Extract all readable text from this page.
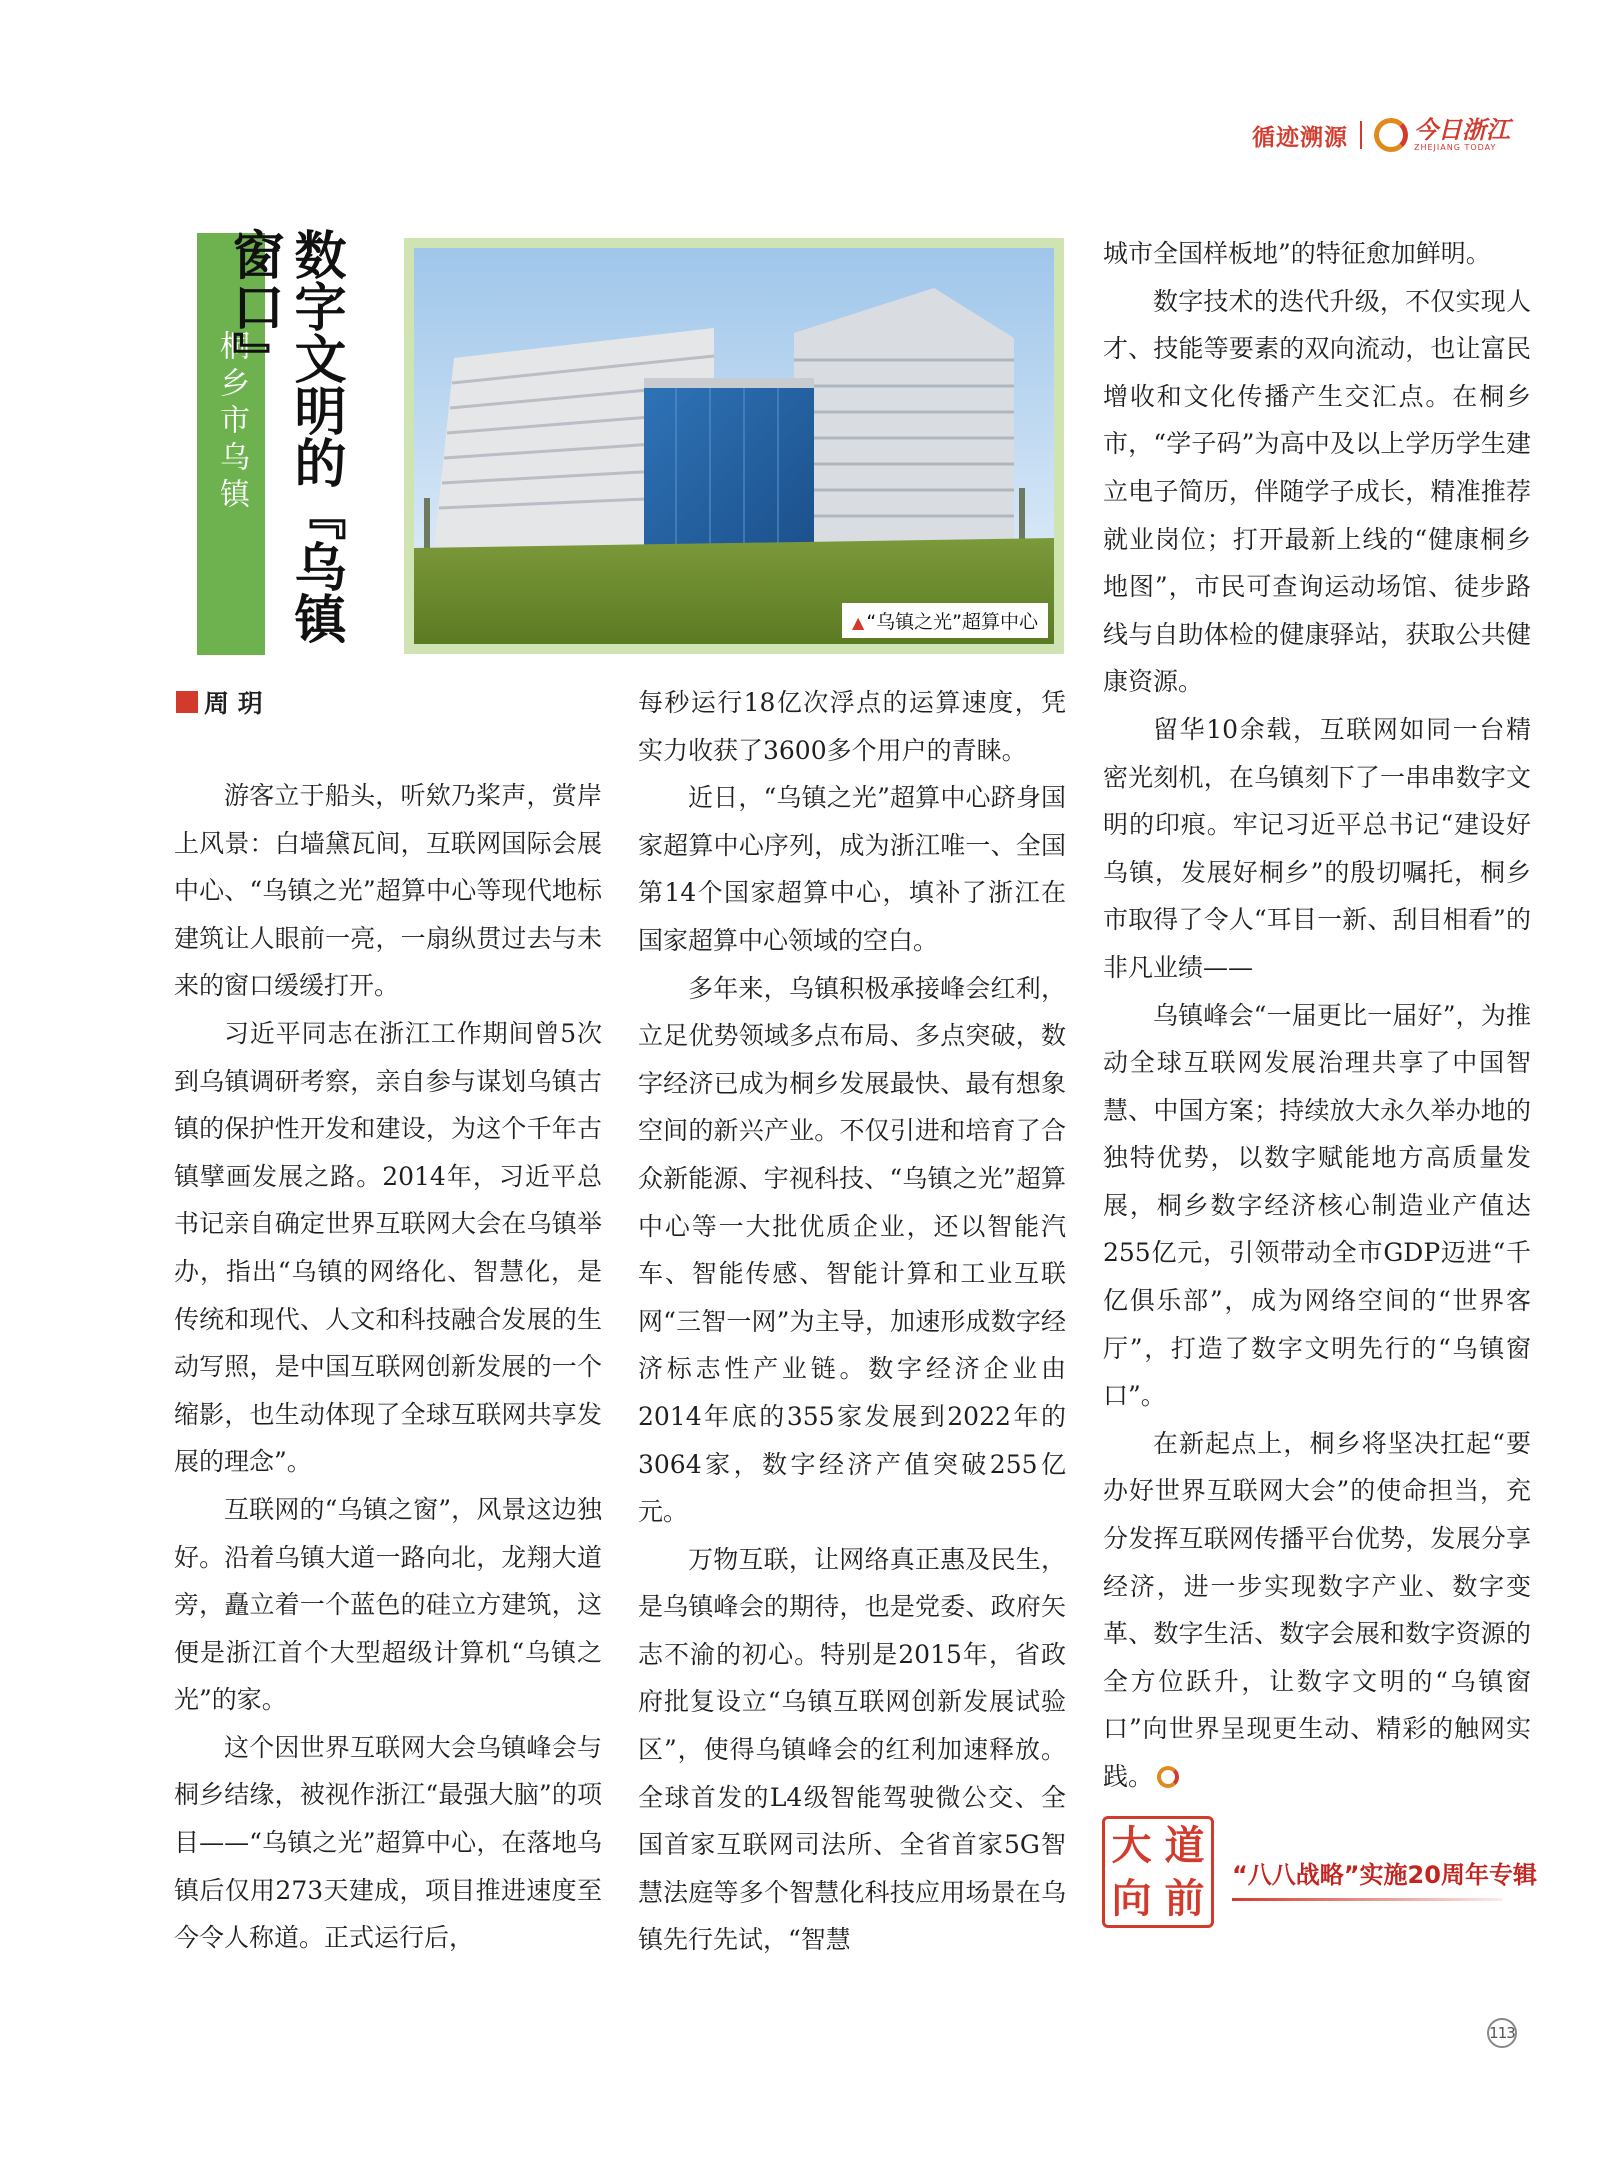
循迹溯源	今日浙江
ZHEJIANG TODAY
桐乡市乌镇 数字文明的『乌镇窗口』
▲ “乌镇之光”超算中心
周 玥

游客立于船头，听欸乃桨声，赏岸上风景：白墙黛瓦间，互联网国际会展中心、“乌镇之光”超算中心等现代地标建筑让人眼前一亮，一扇纵贯过去与未来的窗口缓缓打开。

习近平同志在浙江工作期间曾5次到乌镇调研考察，亲自参与谋划乌镇古镇的保护性开发和建设，为这个千年古镇擘画发展之路。2014年，习近平总书记亲自确定世界互联网大会在乌镇举办，指出“乌镇的网络化、智慧化，是传统和现代、人文和科技融合发展的生动写照，是中国互联网创新发展的一个缩影，也生动体现了全球互联网共享发展的理念”。

互联网的“乌镇之窗”，风景这边独好。沿着乌镇大道一路向北，龙翔大道旁，矗立着一个蓝色的硅立方建筑，这便是浙江首个大型超级计算机“乌镇之光”的家。

这个因世界互联网大会乌镇峰会与桐乡结缘，被视作浙江“最强大脑”的项目——“乌镇之光”超算中心，在落地乌镇后仅用273天建成，项目推进速度至今令人称道。正式运行后，

每秒运行18亿次浮点的运算速度，凭实力收获了3600多个用户的青睐。

近日，“乌镇之光”超算中心跻身国家超算中心序列，成为浙江唯一、全国第14个国家超算中心，填补了浙江在国家超算中心领域的空白。

多年来，乌镇积极承接峰会红利，立足优势领域多点布局、多点突破，数字经济已成为桐乡发展最快、最有想象空间的新兴产业。不仅引进和培育了合众新能源、宇视科技、“乌镇之光”超算中心等一大批优质企业，还以智能汽车、智能传感、智能计算和工业互联网“三智一网”为主导，加速形成数字经济标志性产业链。数字经济企业由2014年底的355家发展到2022年的3064家，数字经济产值突破255亿元。

万物互联，让网络真正惠及民生，是乌镇峰会的期待，也是党委、政府矢志不渝的初心。特别是2015年，省政府批复设立“乌镇互联网创新发展试验区”，使得乌镇峰会的红利加速释放。全球首发的L4级智能驾驶微公交、全国首家互联网司法所、全省首家5G智慧法庭等多个智慧化科技应用场景在乌镇先行先试，“智慧

城市全国样板地”的特征愈加鲜明。

数字技术的迭代升级，不仅实现人才、技能等要素的双向流动，也让富民增收和文化传播产生交汇点。在桐乡市，“学子码”为高中及以上学历学生建立电子简历，伴随学子成长，精准推荐就业岗位；打开最新上线的“健康桐乡地图”，市民可查询运动场馆、徒步路线与自助体检的健康驿站，获取公共健康资源。

留华10余载，互联网如同一台精密光刻机，在乌镇刻下了一串串数字文明的印痕。牢记习近平总书记“建设好乌镇，发展好桐乡”的殷切嘱托，桐乡市取得了令人“耳目一新、刮目相看”的非凡业绩——

乌镇峰会“一届更比一届好”，为推动全球互联网发展治理共享了中国智慧、中国方案；持续放大永久举办地的独特优势，以数字赋能地方高质量发展，桐乡数字经济核心制造业产值达255亿元，引领带动全市GDP迈进“千亿俱乐部”，成为网络空间的“世界客厅”，打造了数字文明先行的“乌镇窗口”。

在新起点上，桐乡将坚决扛起“要办好世界互联网大会”的使命担当，充分发挥互联网传播平台优势，发展分享经济，进一步实现数字产业、数字变革、数字生活、数字会展和数字资源的全方位跃升，让数字文明的“乌镇窗口”向世界呈现更生动、精彩的触网实践。

大 道
向 前 “八八战略”实施20周年专辑
113
